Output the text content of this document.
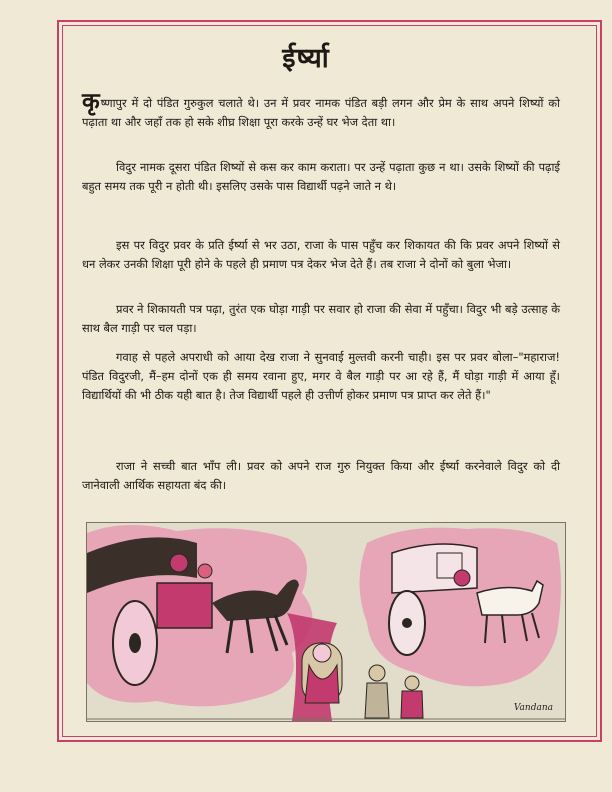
ईर्ष्या
कृष्णापुर में दो पंडित गुरुकुल चलाते थे। उन में प्रवर नामक पंडित बड़ी लगन और प्रेम के साथ अपने शिष्यों को पढ़ाता था और जहाँ तक हो सके शीघ्र शिक्षा पूरा करके उन्हें घर भेज देता था।
विदुर नामक दूसरा पंडित शिष्यों से कस कर काम कराता। पर उन्हें पढ़ाता कुछ न था। उसके शिष्यों की पढ़ाई बहुत समय तक पूरी न होती थी। इसलिए उसके पास विद्यार्थी पढ़ने जाते न थे।
इस पर विदुर प्रवर के प्रति ईर्ष्या से भर उठा, राजा के पास पहुँच कर शिकायत की कि प्रवर अपने शिष्यों से धन लेकर उनकी शिक्षा पूरी होने के पहले ही प्रमाण पत्र देकर भेज देते हैं। तब राजा ने दोनों को बुला भेजा।
प्रवर ने शिकायती पत्र पढ़ा, तुरंत एक घोड़ा गाड़ी पर सवार हो राजा की सेवा में पहुँचा। विदुर भी बड़े उत्साह के साथ बैल गाड़ी पर चल पड़ा।
गवाह से पहले अपराधी को आया देख राजा ने सुनवाई मुल्तवी करनी चाही। इस पर प्रवर बोला–"महाराज! पंडित विदुरजी, मैं–हम दोनों एक ही समय रवाना हुए, मगर वे बैल गाड़ी पर आ रहे हैं, मैं घोड़ा गाड़ी में आया हूँ। विद्यार्थियों की भी ठीक यही बात है। तेज विद्यार्थी पहले ही उत्तीर्ण होकर प्रमाण पत्र प्राप्त कर लेते हैं।"
राजा ने सच्ची बात भाँप ली। प्रवर को अपने राज गुरु नियुक्त किया और ईर्ष्या करनेवाले विदुर को दी जानेवाली आर्थिक सहायता बंद की।
Vandana
